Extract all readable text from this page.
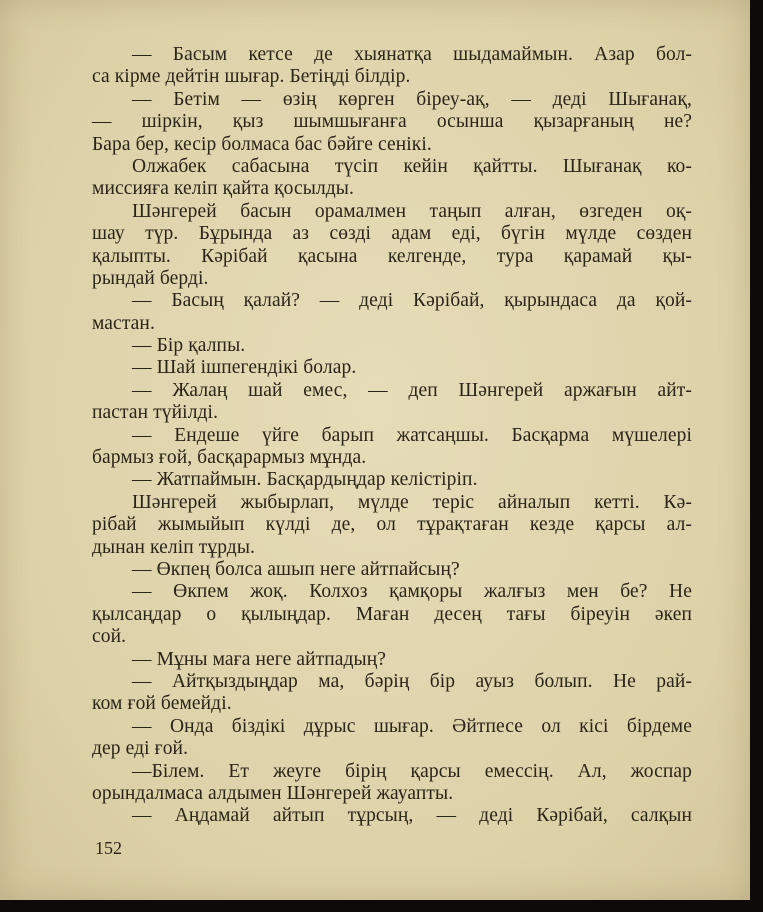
— Басым кетсе де хыянатқа шыдамаймын. Азар бол-
са кірме дейтін шығар. Бетіңді білдір.
— Бетім — өзің көрген біреу-ақ, — деді Шығанақ,
— шіркін, қыз шымшығанға осынша қызарғаның не?
Бара бер, кесір болмаса бас бәйге сенікі.
Олжабек сабасына түсіп кейін қайтты. Шығанақ ко-
миссияға келіп қайта қосылды.
Шәнгерей басын орамалмен таңып алған, өзгеден оқ-
шау түр. Бұрында аз сөзді адам еді, бүгін мүлде сөзден
қалыпты. Кәрібай қасына келгенде, тура қарамай қы-
рындай берді.
— Басың қалай? — деді Кәрібай, қырындаса да қой-
мастан.
— Бір қалпы.
— Шай ішпегендікі болар.
— Жалаң шай емес, — деп Шәнгерей аржағын айт-
пастан түйілді.
— Ендеше үйге барып жатсаңшы. Басқарма мүшелері
бармыз ғой, басқарармыз мұнда.
— Жатпаймын. Басқардыңдар келістіріп.
Шәнгерей жыбырлап, мүлде теріс айналып кетті. Кә-
рібай жымыйып күлді де, ол тұрақтаған кезде қарсы ал-
дынан келіп тұрды.
— Өкпең болса ашып неге айтпайсың?
— Өкпем жоқ. Колхоз қамқоры жалғыз мен бе? Не
қылсаңдар о қылыңдар. Маған десең тағы біреуін әкеп
сой.
— Мұны маға неге айтпадың?
— Айтқыздыңдар ма, бәрің бір ауыз болып. Не рай-
ком ғой бемейді.
— Онда біздікі дұрыс шығар. Әйтпесе ол кісі бірдеме
дер еді ғой.
—Білем. Ет жеуге бірің қарсы емессің. Ал, жоспар
орындалмаса алдымен Шәнгерей жауапты.
— Аңдамай айтып тұрсың, — деді Кәрібай, салқын
152
